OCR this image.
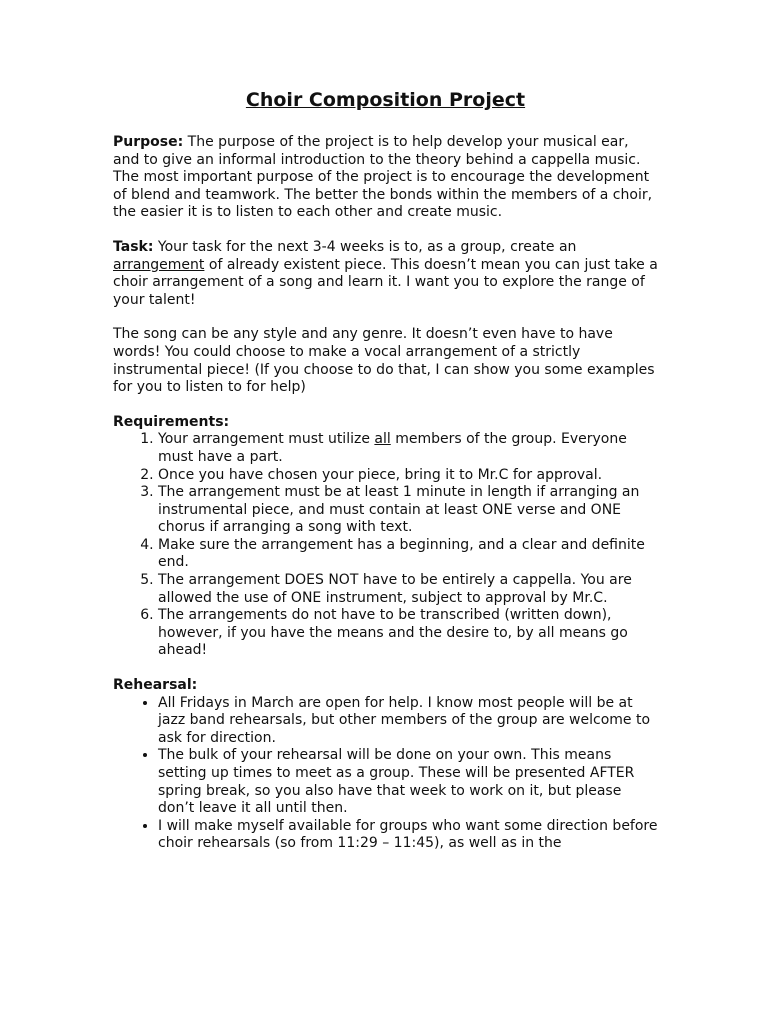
Choir Composition Project

Purpose: The purpose of the project is to help develop your musical ear, and to give an informal introduction to the theory behind a cappella music. The most important purpose of the project is to encourage the development of blend and teamwork. The better the bonds within the members of a choir, the easier it is to listen to each other and create music.

Task: Your task for the next 3-4 weeks is to, as a group, create an arrangement of already existent piece. This doesn’t mean you can just take a choir arrangement of a song and learn it. I want you to explore the range of your talent!

The song can be any style and any genre. It doesn’t even have to have words! You could choose to make a vocal arrangement of a strictly instrumental piece! (If you choose to do that, I can show you some examples for you to listen to for help)

Requirements:
1. Your arrangement must utilize all members of the group. Everyone must have a part.
2. Once you have chosen your piece, bring it to Mr.C for approval.
3. The arrangement must be at least 1 minute in length if arranging an instrumental piece, and must contain at least ONE verse and ONE chorus if arranging a song with text.
4. Make sure the arrangement has a beginning, and a clear and definite end.
5. The arrangement DOES NOT have to be entirely a cappella. You are allowed the use of ONE instrument, subject to approval by Mr.C.
6. The arrangements do not have to be transcribed (written down), however, if you have the means and the desire to, by all means go ahead!
Rehearsal:
• All Fridays in March are open for help. I know most people will be at jazz band rehearsals, but other members of the group are welcome to ask for direction.
• The bulk of your rehearsal will be done on your own. This means setting up times to meet as a group. These will be presented AFTER spring break, so you also have that week to work on it, but please don’t leave it all until then.
• I will make myself available for groups who want some direction before choir rehearsals (so from 11:29 – 11:45), as well as in the
